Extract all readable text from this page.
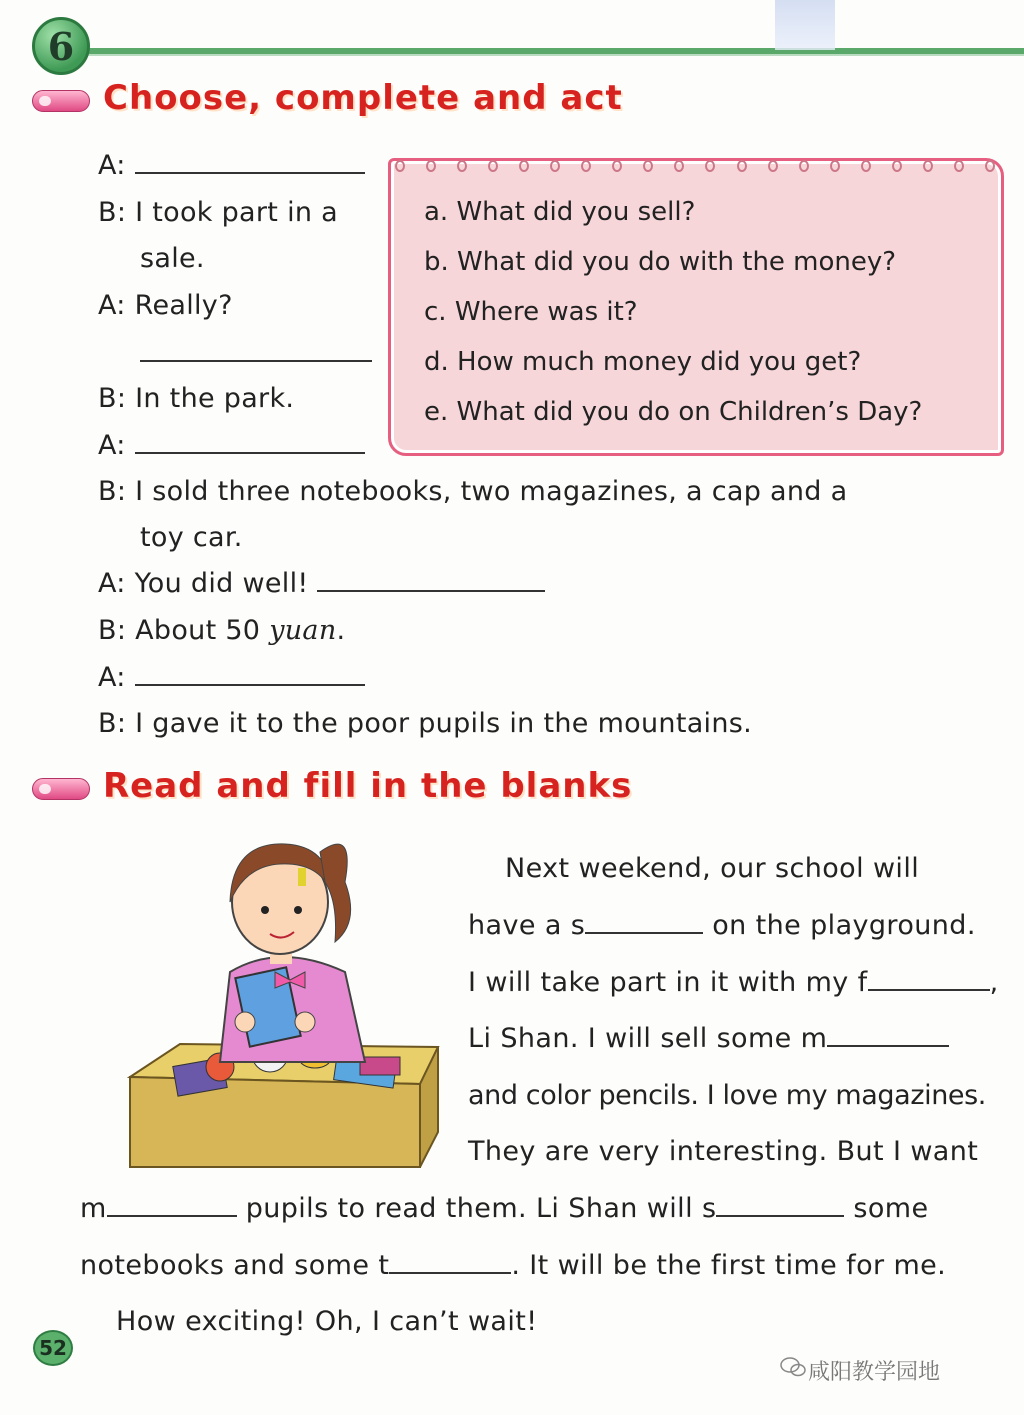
6
Choose, complete and act
a. What did you sell?
b. What did you do with the money?
c. Where was it?
d. How much money did you get?
e. What did you do on Children’s Day?
A:
B: I took part in a
sale.
A: Really?
B: In the park.
A:
B: I sold three notebooks, two magazines, a cap and a
toy car.
A: You did well!
B: About 50 yuan.
A:
B: I gave it to the poor pupils in the mountains.
Read and fill in the blanks
Next weekend, our school will
have a s	on the playground.
I will take part in it with my f	,
Li Shan. I will sell some m
and color pencils. I love my magazines.
They are very interesting. But I want
m	pupils to read them. Li Shan will s	some
notebooks and some t	. It will be the first time for me.
How exciting! Oh, I can’t wait!
52
咸阳教学园地
